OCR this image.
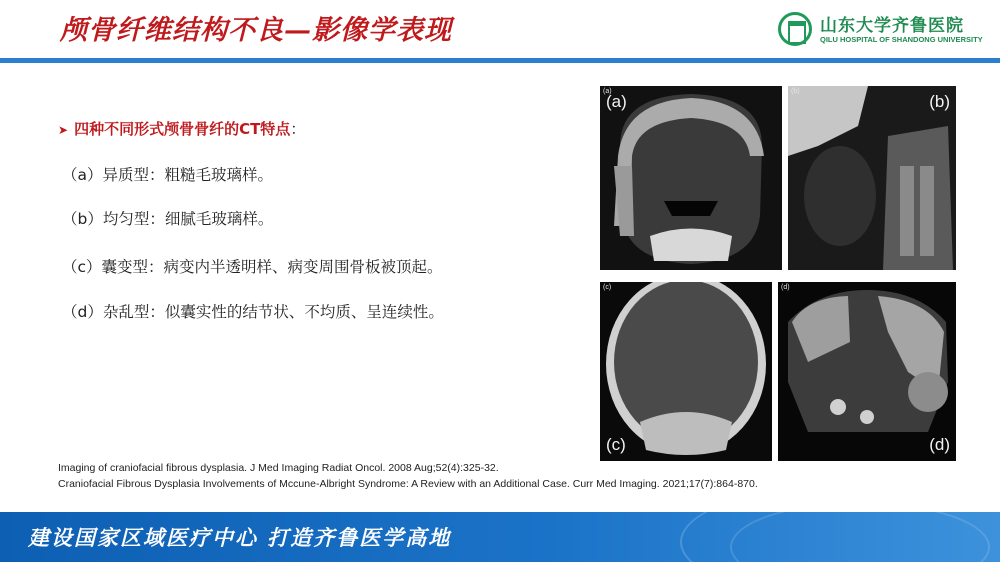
颅骨纤维结构不良—影像学表现	山东大学齐鲁医院
QILU HOSPITAL OF SHANDONG UNIVERSITY
➤ 四种不同形式颅骨骨纤的CT特点：
（a）异质型：粗糙毛玻璃样。
（b）均匀型：细腻毛玻璃样。
（c）囊变型：病变内半透明样、病变周围骨板被顶起。
（d）杂乱型：似囊实性的结节状、不均质、呈连续性。
(a)
(a)
(b)
(b)
(c)
(c)
(d)
(d)
Imaging of craniofacial fibrous dysplasia. J Med Imaging Radiat Oncol. 2008 Aug;52(4):325-32.
Craniofacial Fibrous Dysplasia Involvements of Mccune-Albright Syndrome: A Review with an Additional Case. Curr Med Imaging. 2021;17(7):864-870.
建设国家区域医疗中心 打造齐鲁医学高地
